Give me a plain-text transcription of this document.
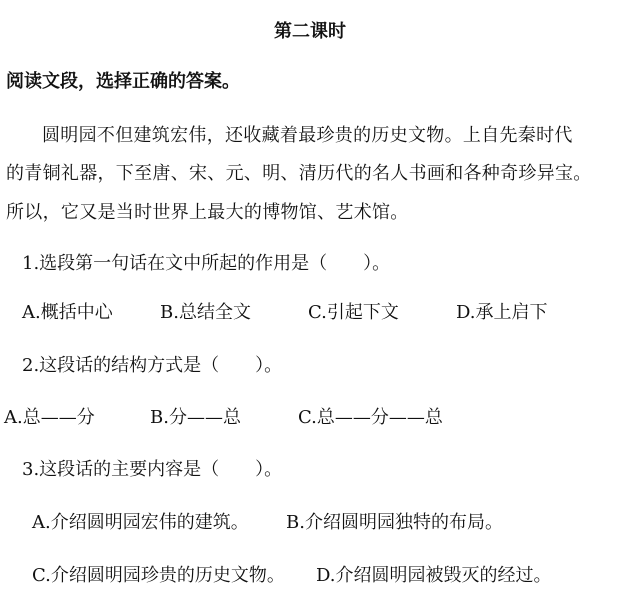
第二课时
阅读文段，选择正确的答案。
圆明园不但建筑宏伟，还收藏着最珍贵的历史文物。上自先秦时代
的青铜礼器，下至唐、宋、元、明、清历代的名人书画和各种奇珍异宝。
所以，它又是当时世界上最大的博物馆、艺术馆。
1.选段第一句话在文中所起的作用是（　　）。
A.概括中心	B.总结全文	C.引起下文	D.承上启下
2.这段话的结构方式是（　　）。
A.总——分	B.分——总	C.总——分——总
3.这段话的主要内容是（　　）。
A.介绍圆明园宏伟的建筑。 B.介绍圆明园独特的布局。
C.介绍圆明园珍贵的历史文物。 D.介绍圆明园被毁灭的经过。
